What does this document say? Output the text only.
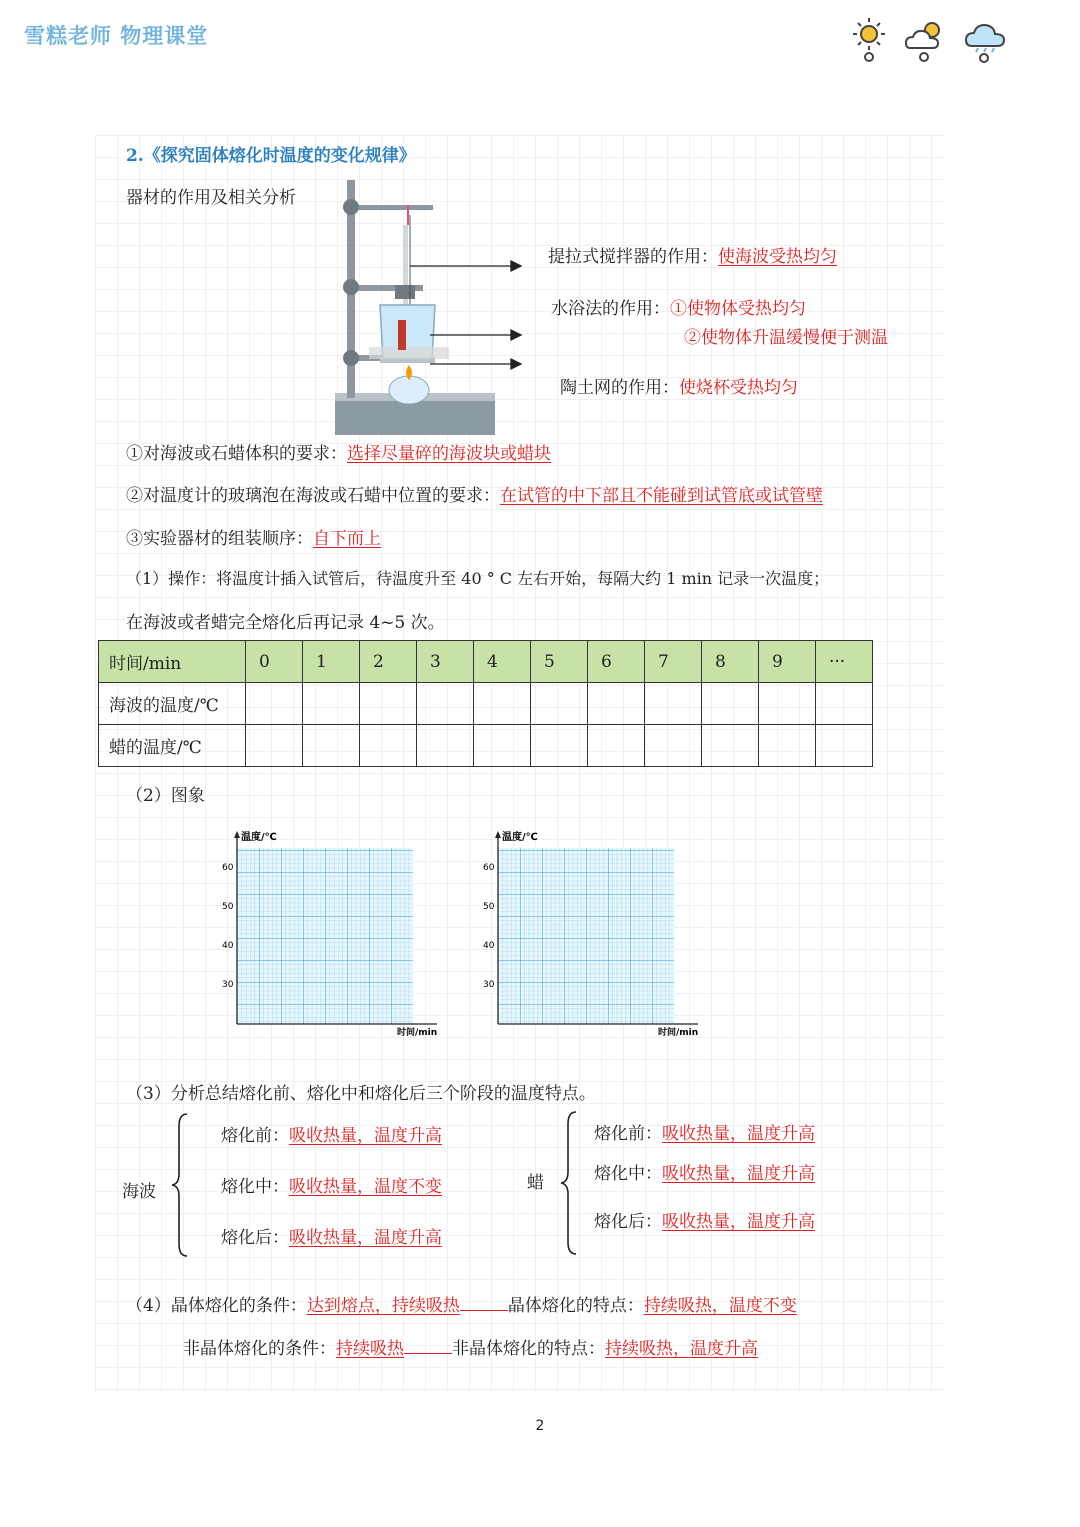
雪糕老师 物理课堂
2.《探究固体熔化时温度的变化规律》
器材的作用及相关分析
提拉式搅拌器的作用：使海波受热均匀
水浴法的作用：①使物体受热均匀
②使物体升温缓慢便于测温
陶土网的作用：使烧杯受热均匀
①对海波或石蜡体积的要求：选择尽量碎的海波块或蜡块
②对温度计的玻璃泡在海波或石蜡中位置的要求：在试管的中下部且不能碰到试管底或试管壁
③实验器材的组装顺序：自下而上
（1）操作：将温度计插入试管后，待温度升至 40 ° C 左右开始，每隔大约 1 min 记录一次温度；
在海波或者蜡完全熔化后再记录 4~5 次。
时间/min	0	1	2	3	4	5	6	7	8	9	···
海波的温度/℃											
蜡的温度/℃											
（2）图象
温度/℃
60
50
40
30
时间/min
温度/℃
60
50
40
30
时间/min
（3）分析总结熔化前、熔化中和熔化后三个阶段的温度特点。
海波
熔化前：吸收热量，温度升高
熔化中：吸收热量，温度不变
熔化后：吸收热量，温度升高
蜡
熔化前：吸收热量，温度升高
熔化中：吸收热量，温度升高
熔化后：吸收热量，温度升高
（4）晶体熔化的条件：达到熔点，持续吸热	晶体熔化的特点：持续吸热，温度不变
非晶体熔化的条件：持续吸热	非晶体熔化的特点：持续吸热，温度升高
2
